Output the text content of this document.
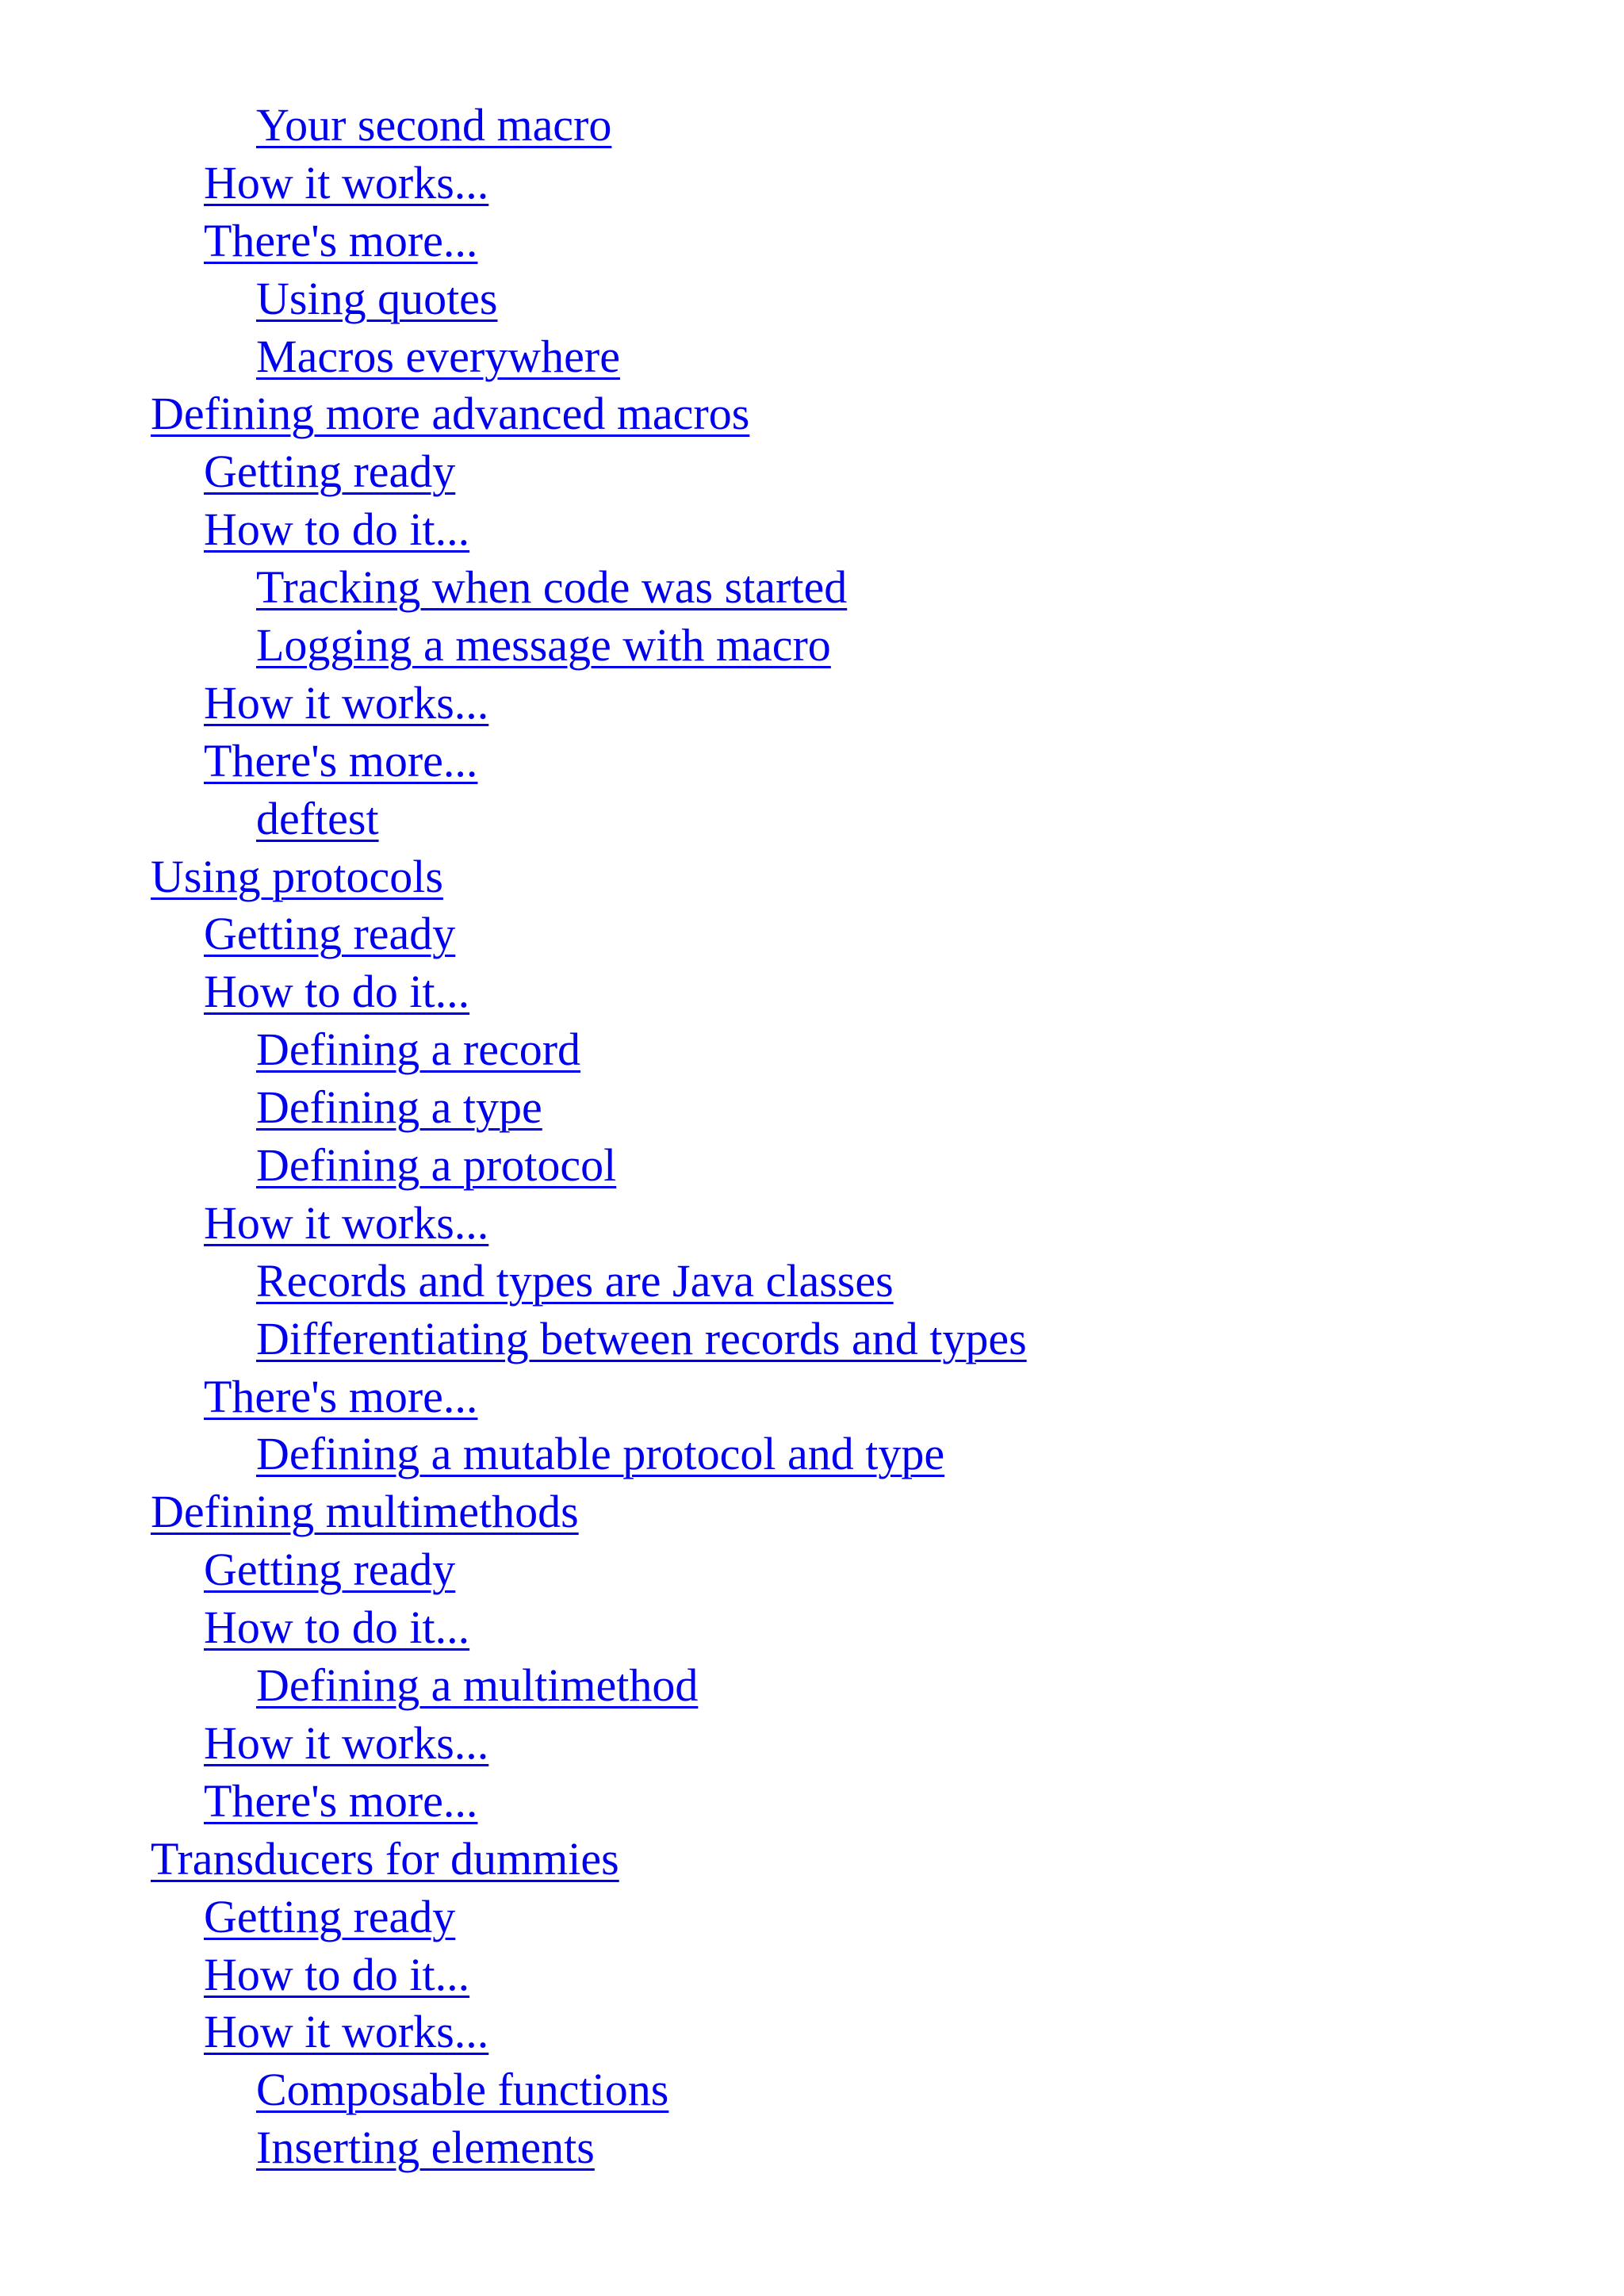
Your second macro
How it works...
There's more...
Using quotes
Macros everywhere
Defining more advanced macros
Getting ready
How to do it...
Tracking when code was started
Logging a message with macro
How it works...
There's more...
deftest
Using protocols
Getting ready
How to do it...
Defining a record
Defining a type
Defining a protocol
How it works...
Records and types are Java classes
Differentiating between records and types
There's more...
Defining a mutable protocol and type
Defining multimethods
Getting ready
How to do it...
Defining a multimethod
How it works...
There's more...
Transducers for dummies
Getting ready
How to do it...
How it works...
Composable functions
Inserting elements
